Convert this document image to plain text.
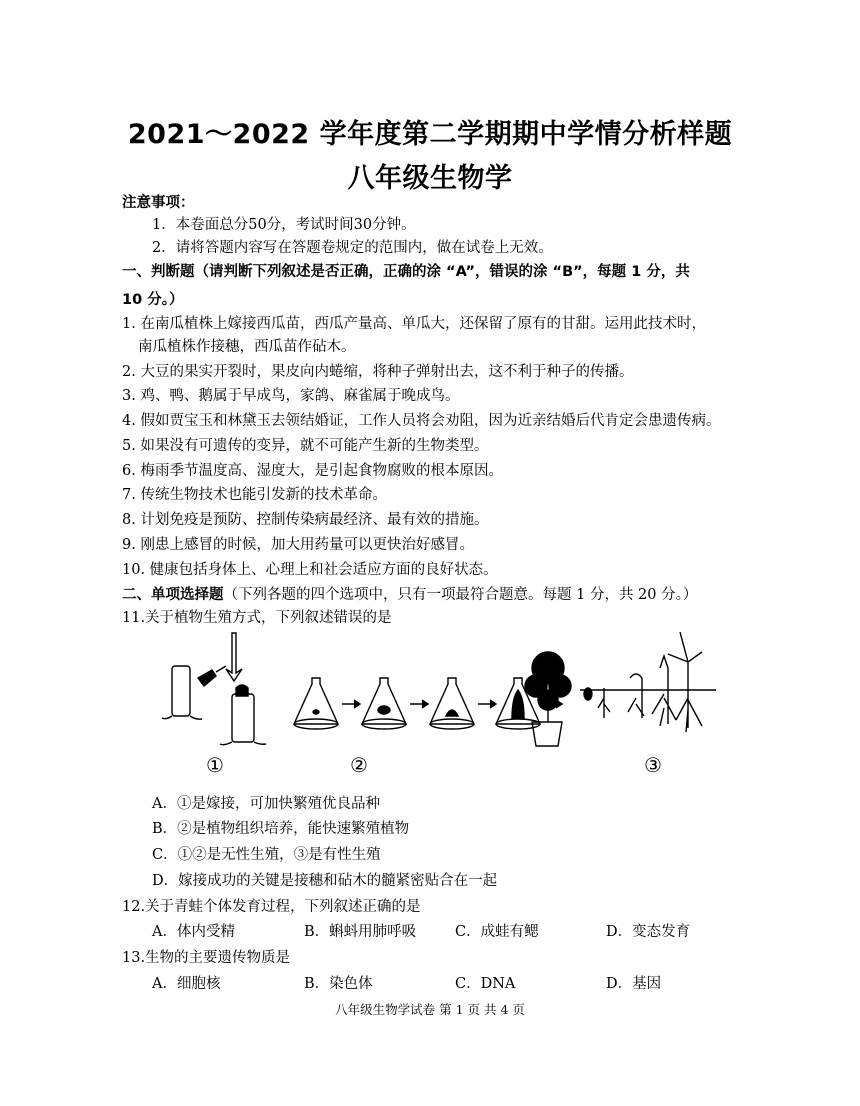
2021～2022 学年度第二学期期中学情分析样题
八年级生物学
注意事项：
1．本卷面总分50分，考试时间30分钟。
2．请将答题内容写在答题卷规定的范围内，做在试卷上无效。
一、判断题（请判断下列叙述是否正确，正确的涂 “A”，错误的涂 “B”，每题 1 分，共
10 分。）
1. 在南瓜植株上嫁接西瓜苗，西瓜产量高、单瓜大，还保留了原有的甘甜。运用此技术时，
南瓜植株作接穗，西瓜苗作砧木。
2. 大豆的果实开裂时，果皮向内蜷缩，将种子弹射出去，这不利于种子的传播。
3. 鸡、鸭、鹅属于早成鸟，家鸽、麻雀属于晚成鸟。
4. 假如贾宝玉和林黛玉去领结婚证，工作人员将会劝阻，因为近亲结婚后代肯定会患遗传病。
5. 如果没有可遗传的变异，就不可能产生新的生物类型。
6. 梅雨季节温度高、湿度大，是引起食物腐败的根本原因。
7. 传统生物技术也能引发新的技术革命。
8. 计划免疫是预防、控制传染病最经济、最有效的措施。
9. 刚患上感冒的时候，加大用药量可以更快治好感冒。
10. 健康包括身体上、心理上和社会适应方面的良好状态。
二、单项选择题（下列各题的四个选项中，只有一项最符合题意。每题 1 分，共 20 分。）
11.关于植物生殖方式，下列叙述错误的是
①	②	③
A．①是嫁接，可加快繁殖优良品种
B．②是植物组织培养，能快速繁殖植物
C．①②是无性生殖，③是有性生殖
D．嫁接成功的关键是接穗和砧木的髓紧密贴合在一起
12.关于青蛙个体发育过程，下列叙述正确的是
A．体内受精	B．蝌蚪用肺呼吸	C．成蛙有鳃	D．变态发育
13.生物的主要遗传物质是
A．细胞核	B．染色体	C．DNA	D．基因
八年级生物学试卷 第 1 页 共 4 页
